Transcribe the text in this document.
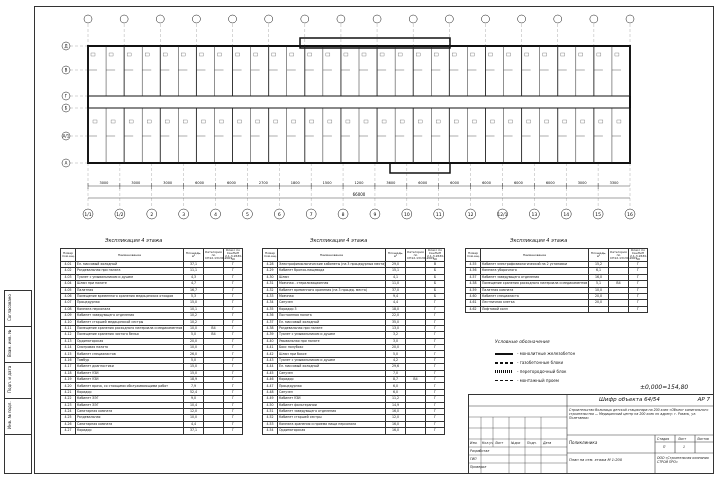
Согласовано
Взам. инв. №
Подп. и дата
Инв. № подл.
1/1	1/2	2	3	4	5	6	7	8	9	10	11	12	12/1	13	14	15	16
Д
В
Г
Б
А/1
А
3000	3000	3000	6000	6000	2700	1800	1500	1200	3600	6000	6000	6000	6000	6000	3000	3300
66000
Экспликация 4 этажа
Номер пом.ещ.	Наименование	Площадь, м²	Категория по СП12.13130.2009	Класс по СанПиН 2.1.3.2630-10
4.01	Ел. массовый холодный	37,1		Г
4.02	Раздевальная при палата	11,1		Г
4.03	Туалет с умывальником и душем	4,3		Г
4.04	Шлюз при палате	4,7		Г
4.05	Палатная	16,7		Г
4.06	Помещение временного хранения медицинских отходов	5,3		Г
4.07	Процедурная	15,0		Г
4.08	Комната персонала	10,1		Г
4.09	Кабинет заведующего отделения	10,2		Г
4.10	Кабинет старшей медицинской сестры	10,2		Г
4.11	Помещение хранения расходного материала и медикаментов	10,0	В4	Г
4.12	Помещение хранения чистого белья	5,0	В4	Г
4.13	Ординаторская	20,0		Г
4.14	Смотровая палата	10,0		Г
4.15	Кабинет специалистов	26,0		Г
4.16	Тамбур	5,0		Г
4.17	Кабинет диагностики	15,0		Г
4.18	Кабинет УЗИ	15,0		Г
4.19	Кабинет УЗИ	18,9		Г
4.20	Кабинет врача, со стоящими обслуживающими работ	7,9		Г
4.21	Коридор	52,4		Г
4.22	Кабинет ЭЭГ	9,0		Г
4.23	Кабинет ЭЭГ	10,4		Г
4.24	Санитарная комната	12,0		Г
4.25	Раздевальная	10,0		Г
4.26	Санитарная комната	4,4		Г
4.27	Коридор	37,1		Г
Экспликация 4 этажа
Номер пом.ещ.	Наименование	Площадь, м²	Категория по СП12.13130.2009	Класс по СанПиН 2.1.3.2630-10
4.28	Электрофизиологические кабинеты (на 3 процедурных места)	29,0		В
4.29	Кабинет бронхо-пищевода	15,1		Б
4.30	Шлюз	4,1		Б
4.31	Моечная - стерилизационная	11,0		Б
4.32	Кабинет временного хранения (на 3 процед. места)	37,0		Б
4.33	Моечная	9,4		Б
4.34	Санузел	4,4		Г
4.35	Коридор 3	18,0		Г
4.36	Постоянная палата	22,0		Г
4.37	Ел. массовый холодный	35,0		Г
4.38	Раздевальная при палате	13,0		Г
4.39	Туалет с умывальником и душем	3,2		Г
4.40	Умывальная при палате	3,0		Г
4.41	Бокс полубокс	20,0		Г
4.42	Шлюз при боксе	5,0		Г
4.43	Туалет с умывальником и душем	4,2		Г
4.44	Ел. массовый холодный	29,6		Г
4.45	Санузел	7,0		Г
4.46	Коридор	8,7	В4	Г
4.47	Процедурная	6,0		Г
4.48	Санузел	6,0		Г
4.49	Кабинет УЗИ	11,2		Г
4.50	Кабинет фальтерапии	14,9		Г
4.51	Кабинет заведующего отделения	16,0		Г
4.52	Кабинет старшей сестры	12,0		Г
4.53	Комната хранения и приема пищи персонала	16,0		Г
4.54	Ординаторская	16,0		Г
Экспликация 4 этажа
Номер пом.ещ.	Наименование	Площадь, м²	Категория по СП12.13130.2009	Класс по СанПиН 2.1.3.2630-10
4.55	Кабинет электрофизиологический на 2 установки	15,2		Г
4.56	Комната уборочного	6,1		Г
4.57	Кабинет заведующего отделения	16,0		Г
4.58	Помещение хранения расходного материала и медикаментов	5,1	В4	Г
4.59	Палатная комната	10,0		Г
4.60	Кабинет специалиста	20,0		Г
4.61	Лестничная клетка	20,0		Г
4.62	Лифтовой холл			Г
Условные обозначения
- монолитные железобетон
- газобетонные блоки
- перегородочный блок
- монтажный проем
±0,000=154,80
Шифр объекта 64/54	АР 7
Строительство больницы детской стационара на 200 коек «Объект капитального строительства — Медицинский центр на 200 коек по адресу: г. Рязань, ул. Полетаева»
Поликлиника
План на отм. этажа М 1:200	ООО «Строительная компания СТРОЙ ПРО»
Изм. Кол.уч Лист №док Подп. Дата
Разработал
ГИП
Проверил
Стадия	Лист	Листов
П	1
